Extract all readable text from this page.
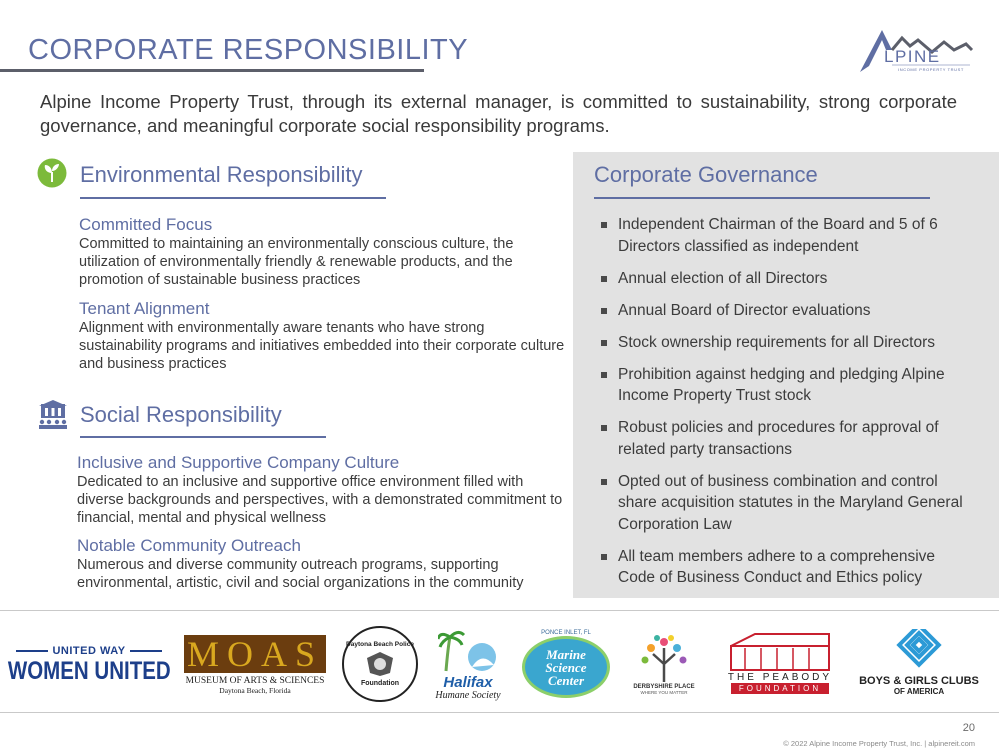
CORPORATE RESPONSIBILITY	LPINE
INCOME PROPERTY TRUST

Alpine Income Property Trust, through its external manager, is committed to sustainability, strong corporate governance, and meaningful corporate social responsibility programs.

Environmental Responsibility
Committed Focus
Committed to maintaining an environmentally conscious culture, the utilization of environmentally friendly & renewable products, and the promotion of sustainable business practices
Tenant Alignment
Alignment with environmentally aware tenants who have strong sustainability programs and initiatives embedded into their corporate culture and business practices
Social Responsibility
Inclusive and Supportive Company Culture
Dedicated to an inclusive and supportive office environment filled with diverse backgrounds and perspectives, with a demonstrated commitment to financial, mental and physical wellness
Notable Community Outreach
Numerous and diverse community outreach programs, supporting environmental, artistic, civil and social organizations in the community
Corporate Governance
Independent Chairman of the Board and 5 of 6 Directors classified as independent
Annual election of all Directors
Annual Board of Director evaluations
Stock ownership requirements for all Directors
Prohibition against hedging and pledging Alpine Income Property Trust stock
Robust policies and procedures for approval of related party transactions
Opted out of business combination and control share acquisition statutes in the Maryland General Corporation Law
All team members adhere to a comprehensive Code of Business Conduct and Ethics policy
UNITED WAY
WOMEN UNITED MOAS
MUSEUM OF ARTS & SCIENCES
Daytona Beach, Florida
Daytona Beach Police
Foundation	Halifax
Humane Society
PONCE INLET, FL
Marine Science Center	DERBYSHIRE PLACE
WHERE YOU MATTER
THE PEABODY
FOUNDATION
BOYS & GIRLS CLUBS
OF AMERICA
20
© 2022 Alpine Income Property Trust, Inc. | alpinereit.com
